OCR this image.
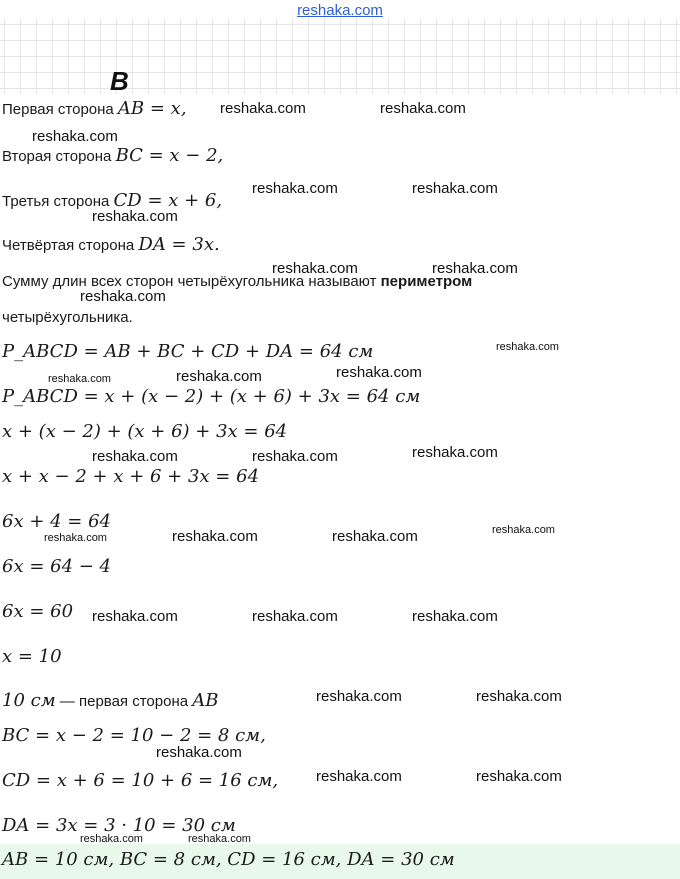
reshaka.com
B
Первая сторона AB = x,
Вторая сторона BC = x − 2,
Третья сторона CD = x + 6,
Четвёртая сторона DA = 3x.
Сумму длин всех сторон четырёхугольника называют периметром
четырёхугольника.
P_ABCD = AB + BC + CD + DA = 64 см
P_ABCD = x + (x − 2) + (x + 6) + 3x = 64 см
x + (x − 2) + (x + 6) + 3x = 64
x + x − 2 + x + 6 + 3x = 64
6x + 4 = 64
6x = 64 − 4
6x = 60
x = 10
10 см — первая сторона AB
BC = x − 2 = 10 − 2 = 8 см,
CD = x + 6 = 10 + 6 = 16 см,
DA = 3x = 3 · 10 = 30 см
AB = 10 см, BC = 8 см, CD = 16 см, DA = 30 см
reshaka.com	reshaka.com
reshaka.com
reshaka.com	reshaka.com
reshaka.com
reshaka.com	reshaka.com
reshaka.com
reshaka.com
reshaka.com	reshaka.com	reshaka.com
reshaka.com	reshaka.com	reshaka.com
reshaka.com	reshaka.com	reshaka.com	reshaka.com
reshaka.com	reshaka.com	reshaka.com
reshaka.com	reshaka.com
reshaka.com
reshaka.com	reshaka.com
reshaka.com	reshaka.com
